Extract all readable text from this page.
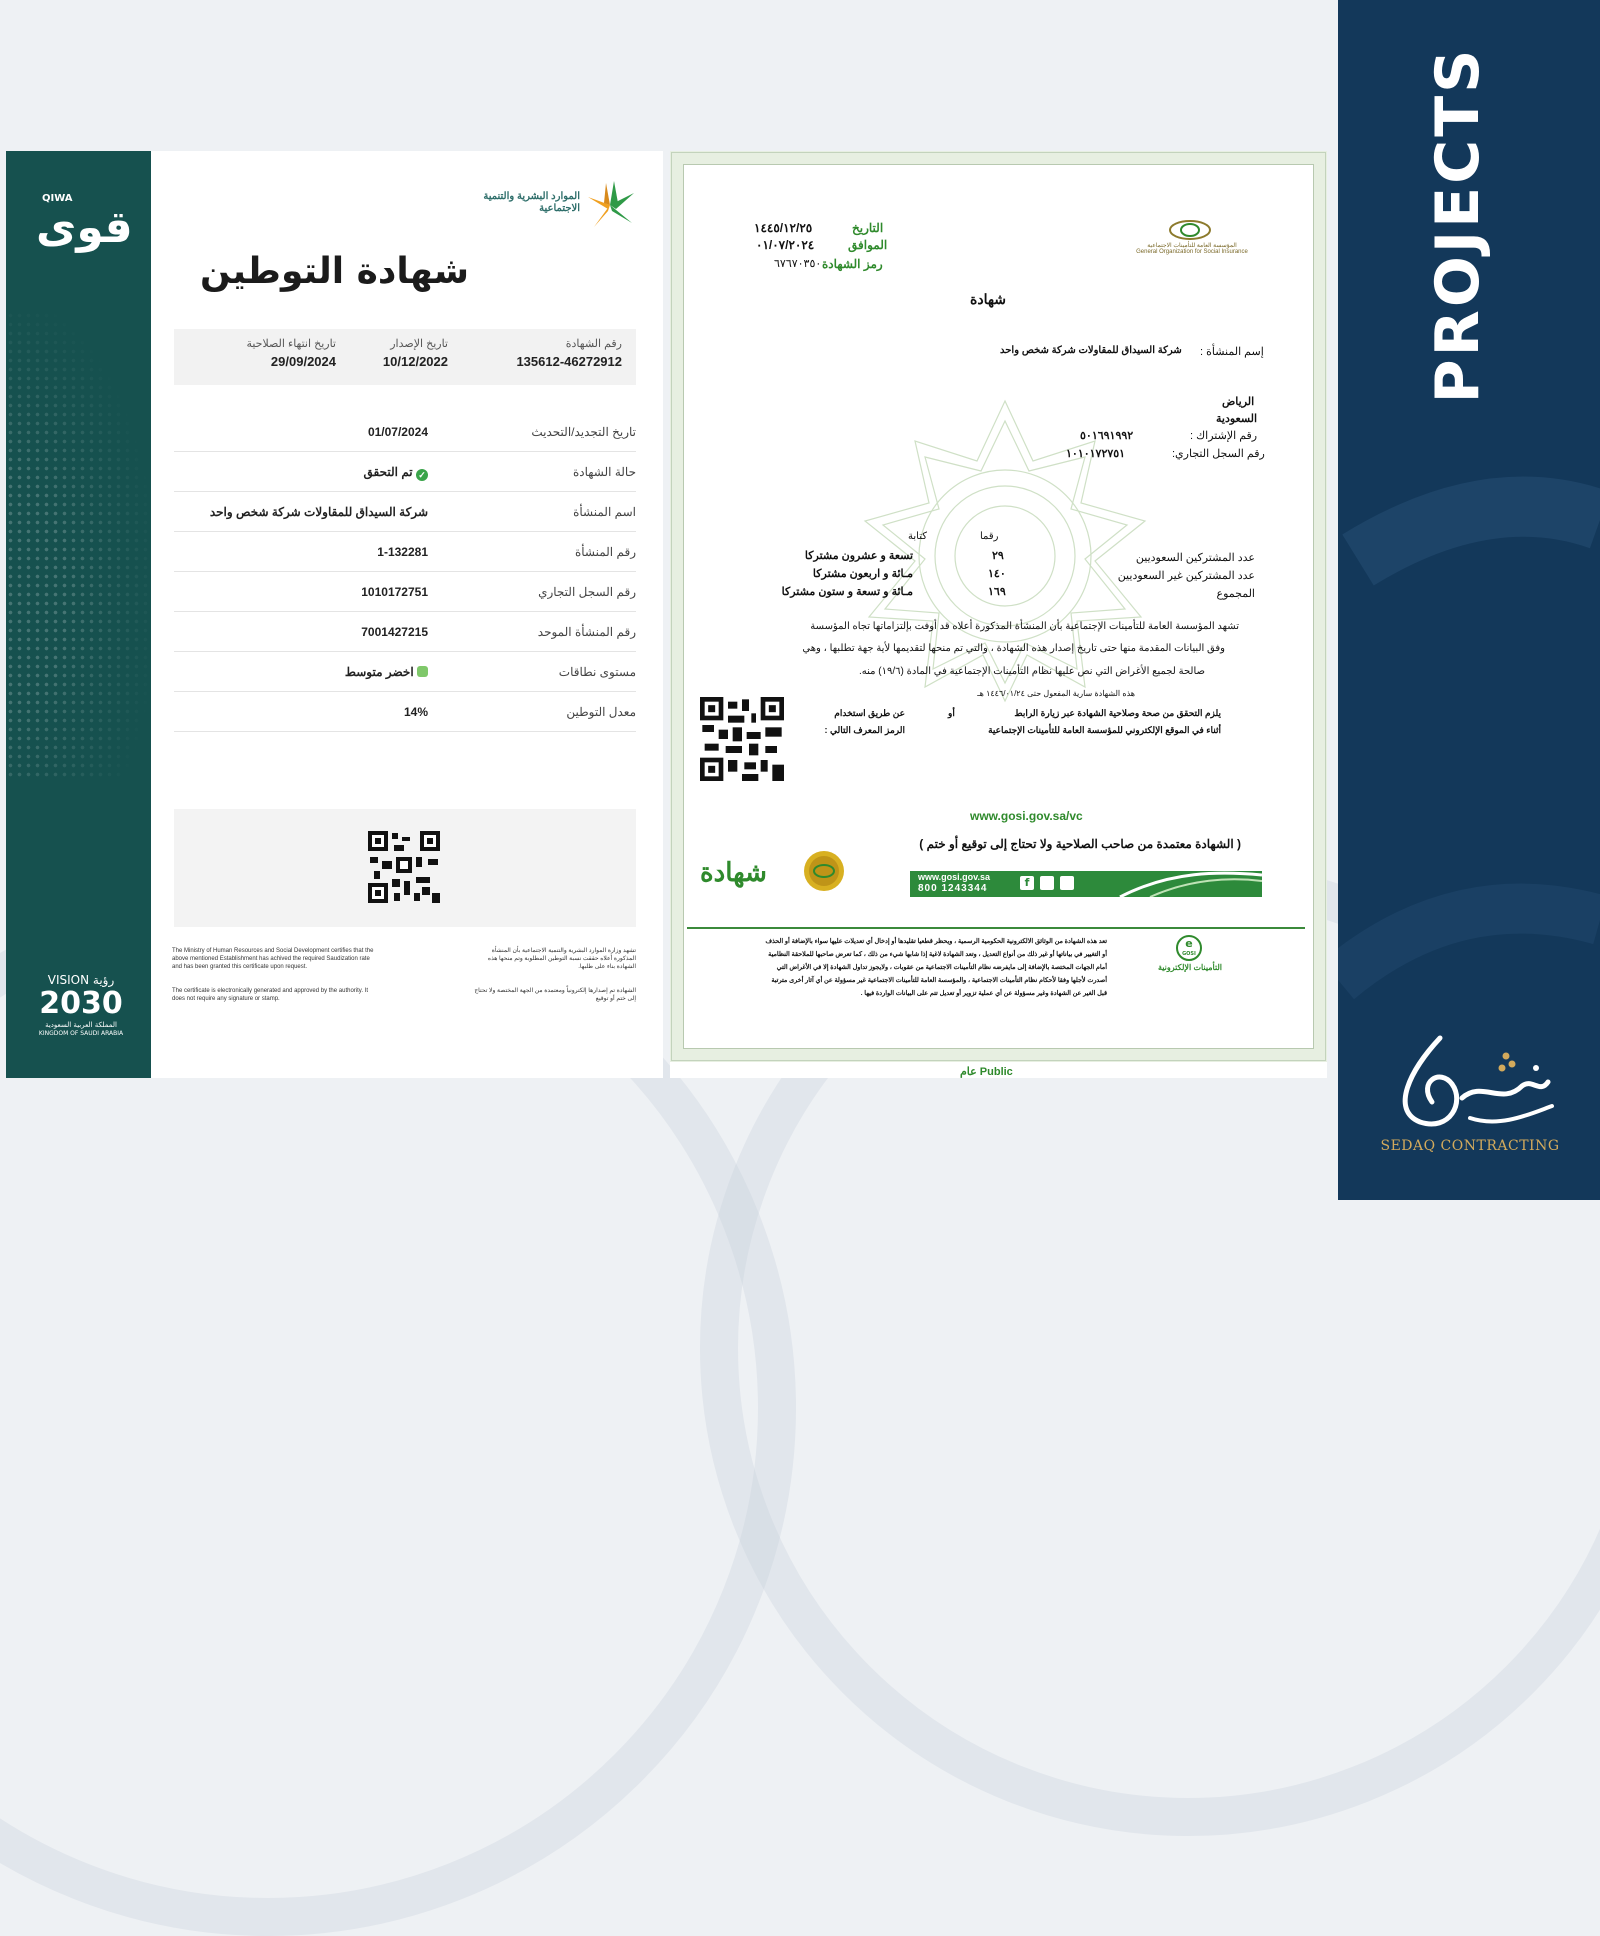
PROJECTS
SEDAQ CONTRACTING
QIWA
قوى
VISION رؤية
2030
المملكة العربية السعودية
KINGDOM OF SAUDI ARABIA
الموارد البشرية والتنمية الاجتماعية
شهادة التوطين
رقم الشهادة
135612-46272912
تاريخ الإصدار
10/12/2022
تاريخ انتهاء الصلاحية
29/09/2024
تاريخ التجديد/التحديث
01/07/2024
حالة الشهادة
تم التحقق ✓
اسم المنشأة
شركة السيداق للمقاولات شركة شخص واحد
رقم المنشأة
1-132281
رقم السجل التجاري
1010172751
رقم المنشأة الموحد
7001427215
مستوى نطاقات
اخضر متوسط
معدل التوطين
14%
The Ministry of Human Resources and Social Development certifies that the above mentioned Establishment has achived the required Saudization rate and has been granted this certificate upon request.
The certificate is electronically generated and approved by the authority. It does not require any signature or stamp.
تشهد وزارة الموارد البشرية والتنمية الاجتماعية بأن المنشأة المذكورة أعلاه حققت نسبة التوطين المطلوبة وتم منحها هذه الشهادة بناء على طلبها.
الشهادة تم إصدارها إلكترونياً ومعتمدة من الجهة المختصة ولا تحتاج إلى ختم أو توقيع
المؤسسة العامة للتأمينات الاجتماعية
General Organization for Social Insurance
التاريخ
١٤٤٥/١٢/٢٥
الموافق
٠١/٠٧/٢٠٢٤
رمز الشهادة
٦٧٦٧٠٣٥٠
شهادة
إسم المنشأة :
شركة السيداق للمقاولات شركة شخص واحد
الرياض
السعودية
رقم الإشتراك :
٥٠١٦٩١٩٩٢
رقم السجل التجاري:
١٠١٠١٧٢٧٥١
رقما
كتابة
عدد المشتركين السعوديين
٢٩
تسعة و عشرون مشتركا
عدد المشتركين غير السعوديين
١٤٠
مـائة و اربعون مشتركا
المجموع
١٦٩
مـائة و تسعة و ستون مشتركا
تشهد المؤسسة العامة للتأمينات الإجتماعية بأن المنشأة المذكورة أعلاه قد أوفت بإلتزاماتها تجاه المؤسسة
وفق البيانات المقدمة منها حتى تاريخ إصدار هذه الشهادة ، والتي تم منحها لتقديمها لأية جهة تطلبها ، وهي
صالحة لجميع الأغراض التي نص عليها نظام التأمينات الإجتماعية في المادة (١٩/٦) منه.
هذه الشهادة سارية المفعول حتى ١٤٤٦/٠١/٢٤ هـ
يلزم التحقق من صحة وصلاحية الشهادة عبر زيارة الرابط
أثناء في الموقع الإلكتروني للمؤسسة العامة للتأمينات الإجتماعية
أو
عن طريق استخدام
الرمز المعرف التالي :
www.gosi.gov.sa/vc
( الشهادة معتمدة من صاحب الصلاحية ولا تحتاج إلى توقيع أو ختم )
شهادة	www.gosi.gov.sa
800 1243344	f
e
GOSI
التأمينات الإلكترونية
تعد هذه الشهادة من الوثائق الالكترونية الحكومية الرسمية ، ويحظر قطعيا تقليدها أو إدخال أي تعديلات عليها سواء بالإضافة أو الحذف
أو التغيير في بياناتها أو غير ذلك من أنواع التعديل ، وتعد الشهادة لاغية إذا شابها شيء من ذلك ، كما تعرض صاحبها للملاحقة النظامية
أمام الجهات المختصة بالإضافة إلى مايفرضه نظام التأمينات الاجتماعية من عقوبات ، ولايجوز تداول الشهادة إلا في الأغراض التي
أصدرت لأجلها وفقا لأحكام نظام التأمينات الاجتماعية ، والمؤسسة العامة للتأمينات الاجتماعية غير مسؤولة عن أي آثار أخرى مترتبة
قبل الغير عن الشهادة وغير مسؤولة عن أي عملية تزوير أو تعديل تتم على البيانات الواردة فيها .
عام Public
